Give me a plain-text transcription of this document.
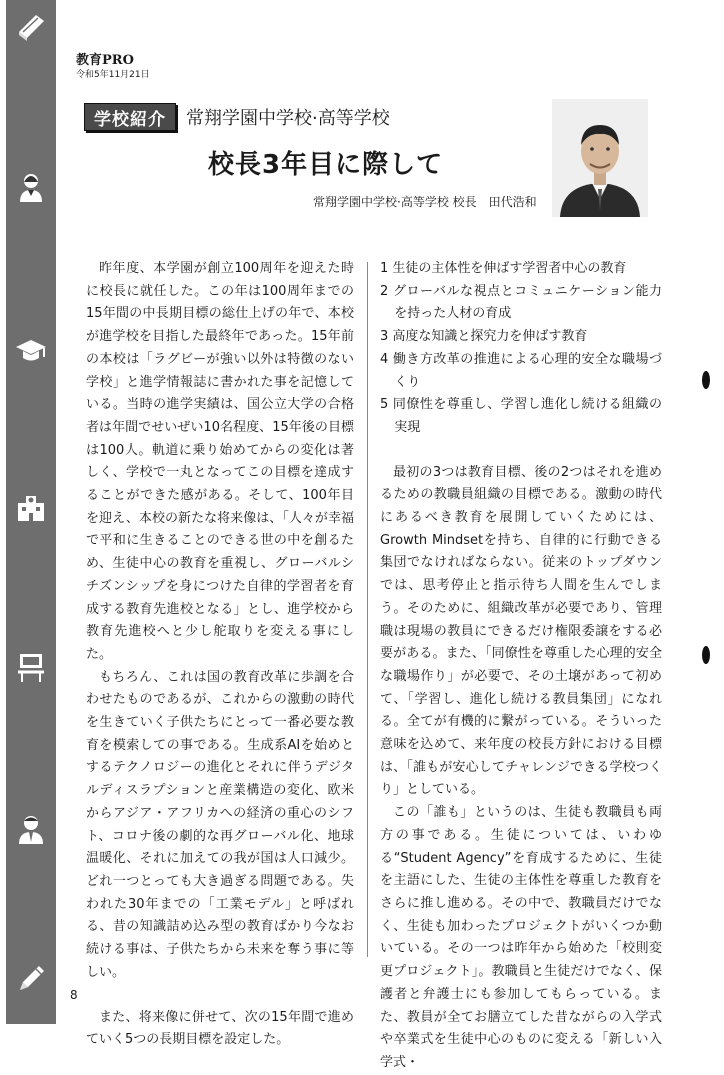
教育PRO
令和5年11月21日
学校紹介	常翔学園中学校·高等学校
校長3年目に際して
常翔学園中学校·高等学校 校長　田代浩和

昨年度、本学園が創立100周年を迎えた時に校長に就任した。この年は100周年までの15年間の中長期目標の総仕上げの年で、本校が進学校を目指した最終年であった。15年前の本校は「ラグビーが強い以外は特徴のない学校」と進学情報誌に書かれた事を記憶している。当時の進学実績は、国公立大学の合格者は年間でせいぜい10名程度、15年後の目標は100人。軌道に乗り始めてからの変化は著しく、学校で一丸となってこの目標を達成することができた感がある。そして、100年目を迎え、本校の新たな将来像は、「人々が幸福で平和に生きることのできる世の中を創るため、生徒中心の教育を重視し、グローバルシチズンシップを身につけた自律的学習者を育成する教育先進校となる」とし、進学校から教育先進校へと少し舵取りを変える事にした。

もちろん、これは国の教育改革に歩調を合わせたものであるが、これからの激動の時代を生きていく子供たちにとって一番必要な教育を模索しての事である。生成系AIを始めとするテクノロジーの進化とそれに伴うデジタルディスラプションと産業構造の変化、欧米からアジア・アフリカへの経済の重心のシフト、コロナ後の劇的な再グローバル化、地球温暖化、それに加えての我が国は人口減少。どれ一つとっても大き過ぎる問題である。失われた30年までの「工業モデル」と呼ばれる、昔の知識詰め込み型の教育ばかり今なお続ける事は、子供たちから未来を奪う事に等しい。

また、将来像に併せて、次の15年間で進めていく5つの長期目標を設定した。

1 生徒の主体性を伸ばす学習者中心の教育
2 グローバルな視点とコミュニケーション能力を持った人材の育成
3 高度な知識と探究力を伸ばす教育
4 働き方改革の推進による心理的安全な職場づくり
5 同僚性を尊重し、学習し進化し続ける組織の実現

最初の3つは教育目標、後の2つはそれを進めるための教職員組織の目標である。激動の時代にあるべき教育を展開していくためには、Growth Mindsetを持ち、自律的に行動できる集団でなければならない。従来のトップダウンでは、思考停止と指示待ち人間を生んでしまう。そのために、組織改革が必要であり、管理職は現場の教員にできるだけ権限委譲をする必要がある。また、「同僚性を尊重した心理的安全な職場作り」が必要で、その土壌があって初めて、「学習し、進化し続ける教員集団」になれる。全てが有機的に繋がっている。そういった意味を込めて、来年度の校長方針における目標は、「誰もが安心してチャレンジできる学校つくり」としている。

この「誰も」というのは、生徒も教職員も両方の事である。生徒については、いわゆる“Student Agency”を育成するために、生徒を主語にした、生徒の主体性を尊重した教育をさらに推し進める。その中で、教職員だけでなく、生徒も加わったプロジェクトがいくつか動いている。その一つは昨年から始めた「校則変更プロジェクト」。教職員と生徒だけでなく、保護者と弁護士にも参加してもらっている。また、教員が全てお膳立てした昔ながらの入学式や卒業式を生徒中心のものに変える「新しい入学式・

8
